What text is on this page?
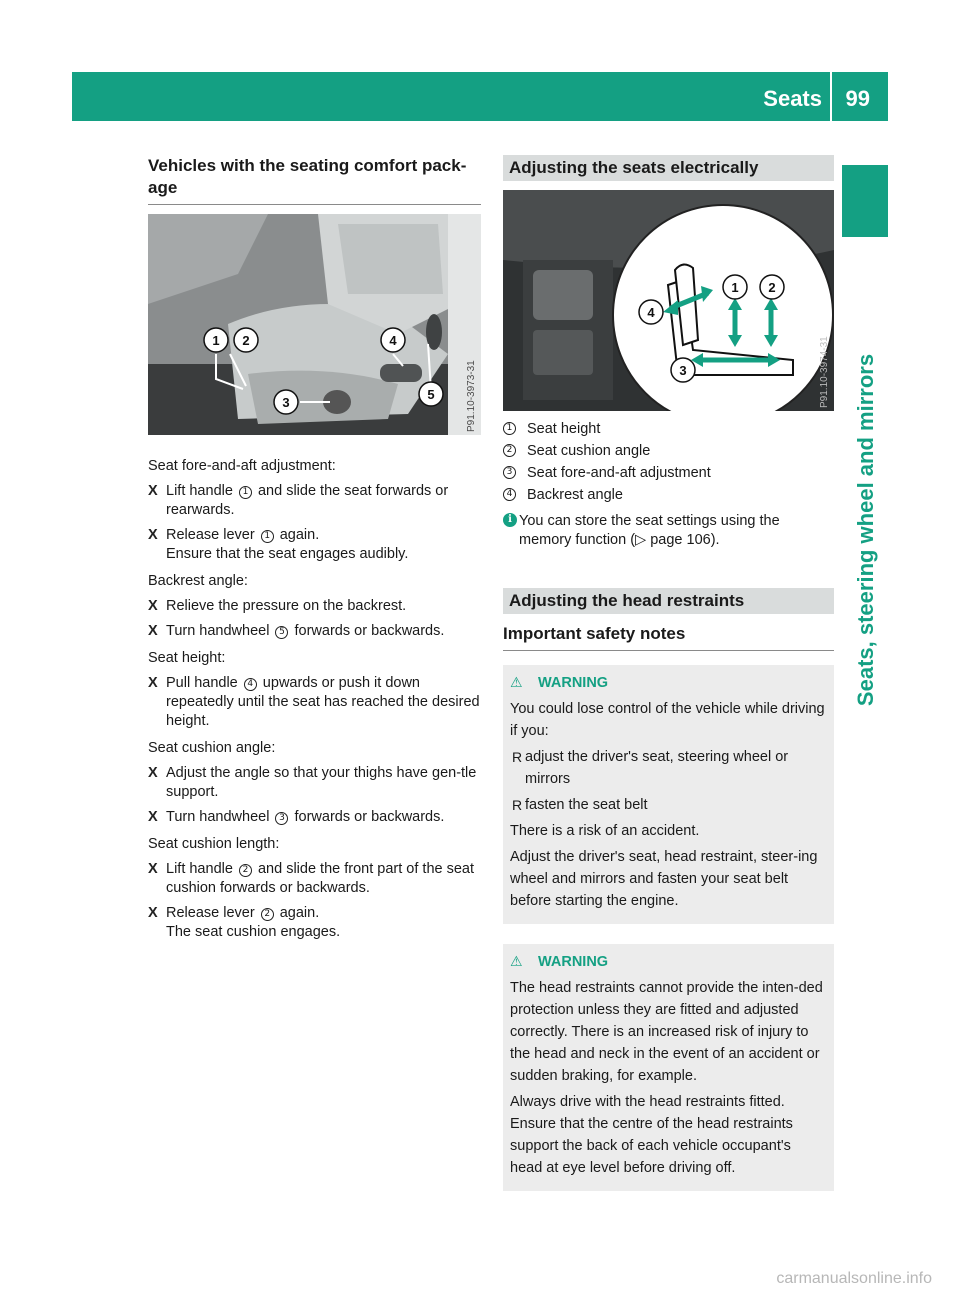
Seats 99
Seats, steering wheel and mirrors
Vehicles with the seating comfort pack-age
1 2
3
4
5	P91.10-3973-31

Seat fore-and-aft adjustment:

X Lift handle 1 and slide the seat forwards or rearwards.
X Release lever 1 again.
Ensure that the seat engages audibly.

Backrest angle:

X Relieve the pressure on the backrest.
X Turn handwheel 5 forwards or backwards.

Seat height:

X Pull handle 4 upwards or push it down repeatedly until the seat has reached the desired height.

Seat cushion angle:

X Adjust the angle so that your thighs have gen-tle support.
X Turn handwheel 3 forwards or backwards.

Seat cushion length:

X Lift handle 2 and slide the front part of the seat cushion forwards or backwards.
X Release lever 2 again.
The seat cushion engages.
Adjusting the seats electrically
1 2
3
4
P91.10-3974-31
1 Seat height
2 Seat cushion angle
3 Seat fore-and-aft adjustment
4 Backrest angle
i You can store the seat settings using the memory function (▷ page 106).
Adjusting the head restraints
Important safety notes
⚠ WARNING

You could lose control of the vehicle while driving if you:

R adjust the driver's seat, steering wheel or mirrors
R fasten the seat belt

There is a risk of an accident.

Adjust the driver's seat, head restraint, steer-ing wheel and mirrors and fasten your seat belt before starting the engine.

⚠ WARNING

The head restraints cannot provide the inten-ded protection unless they are fitted and adjusted correctly. There is an increased risk of injury to the head and neck in the event of an accident or sudden braking, for example.

Always drive with the head restraints fitted. Ensure that the centre of the head restraints support the back of each vehicle occupant's head at eye level before driving off.

carmanualsonline.info
